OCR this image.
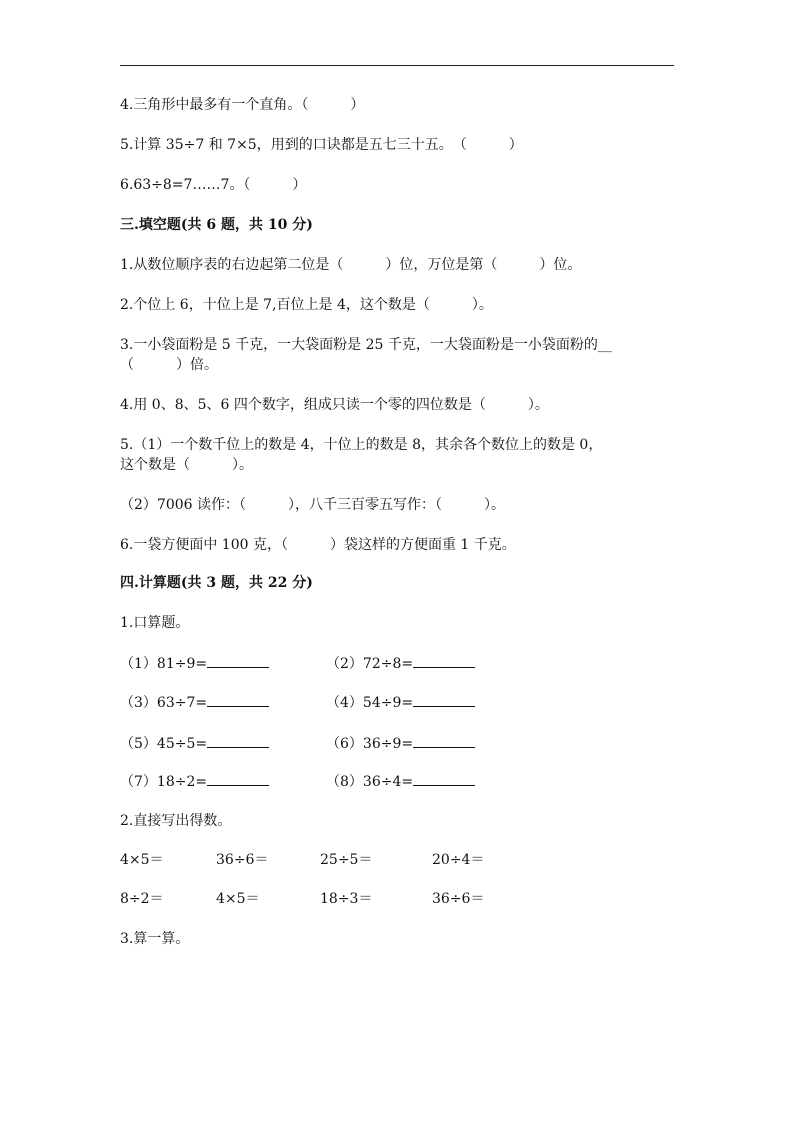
4.三角形中最多有一个直角。（　　　）
5.计算 35÷7 和 7×5，用到的口诀都是五七三十五。　（　　　）
6.63÷8=7……7。（　　　）
三.填空题(共 6 题，共 10 分)
1.从数位顺序表的右边起第二位是（　　　）位，万位是第（　　　）位。
2.个位上 6，十位上是 7,百位上是 4，这个数是（　　　）。
3.一小袋面粉是 5 千克，一大袋面粉是 25 千克，一大袋面粉是一小袋面粉的__
（　　　）倍。
4.用 0、8、5、6 四个数字，组成只读一个零的四位数是（　　　）。
5.（1）一个数千位上的数是 4，十位上的数是 8，其余各个数位上的数是 0，
这个数是（　　　）。
（2）7006 读作：（　　　），八千三百零五写作：（　　　）。
6.一袋方便面中 100 克，（　　　）袋这样的方便面重 1 千克。
四.计算题(共 3 题，共 22 分)
1.口算题。
（1）81÷9=	（2）72÷8=
（3）63÷7=	（4）54÷9=
（5）45÷5=	（6）36÷9=
（7）18÷2=	（8）36÷4=
2.直接写出得数。
4×5＝	36÷6＝	25÷5＝	20÷4＝
8÷2＝	4×5＝	18÷3＝	36÷6＝
3.算一算。
